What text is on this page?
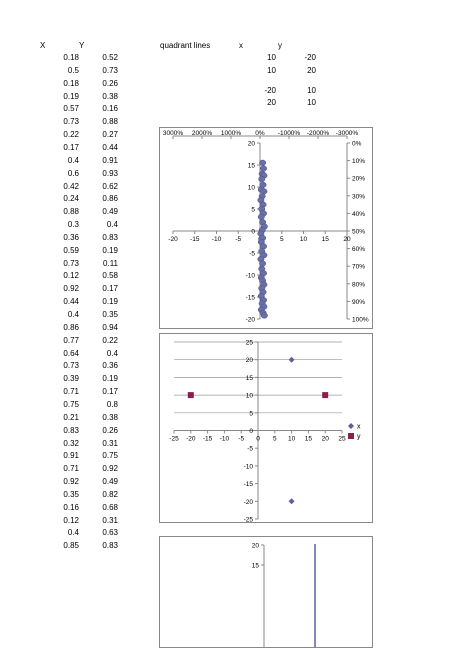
X	Y	quadrant lines	x	y
0.18	0.52
0.5	0.73
0.18	0.26
0.19	0.38
0.57	0.16
0.73	0.88
0.22	0.27
0.17	0.44
0.4	0.91
0.6	0.93
0.42	0.62
0.24	0.86
0.88	0.49
0.3	0.4
0.36	0.83
0.59	0.19
0.73	0.11
0.12	0.58
0.92	0.17
0.44	0.19
0.4	0.35
0.86	0.94
0.77	0.22
0.64	0.4
0.73	0.36
0.39	0.19
0.71	0.17
0.75	0.8
0.21	0.38
0.83	0.26
0.32	0.31
0.91	0.75
0.71	0.92
0.92	0.49
0.35	0.82
0.16	0.68
0.12	0.31
0.4	0.63
0.85	0.83
10	-20
10	20
-20	10
20	10
3000% 2000% 1000% 0% -1000% -2000% -3000%
0%
10%
20%
30%
40%
50%
60%
70%
80%
90%
100%
-20 -15 -10 -5	5	10 15 20
20
15
10
5
0
-5
-10
-15
-20
-25 -20 -15 -10 -5 0 5 10 15 20 25
25
20
15
10
5
0
-5
-10
-15
-20
-25
x
y
20
15
